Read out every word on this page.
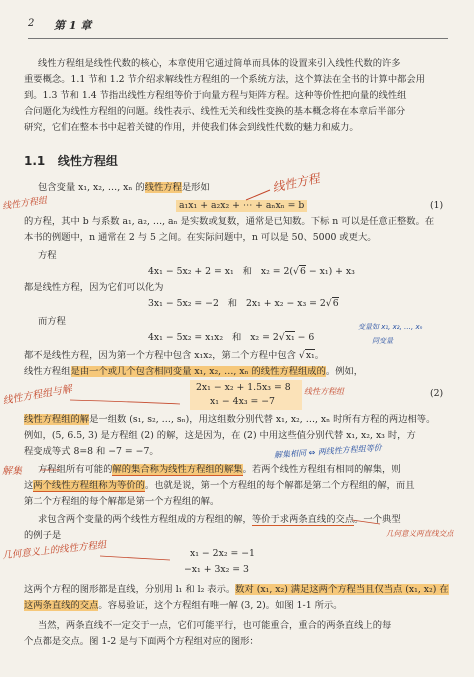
2 第 1 章
线性方程组是线性代数的核心，本章使用它通过简单而具体的设置来引入线性代数的许多
重要概念。1.1 节和 1.2 节介绍求解线性方程组的一个系统方法，这个算法在全书的计算中都会用
到。1.3 节和 1.4 节指出线性方程组等价于向量方程与矩阵方程。这种等价性把向量的线性组
合问题化为线性方程组的问题。线性表示、线性无关和线性变换的基本概念将在本章后半部分
研究，它们在整本书中起着关键的作用，并使我们体会到线性代数的魅力和威力。
1.1 线性方程组
包含变量 x₁, x₂, …, xₙ 的线性方程是形如
a₁x₁ + a₂x₂ + ⋯ + aₙxₙ = b	(1)
的方程，其中 b 与系数 a₁, a₂, …, aₙ 是实数或复数，通常是已知数。下标 n 可以是任意正整数。在
本书的例题中，n 通常在 2 与 5 之间。在实际问题中，n 可以是 50、5000 或更大。
方程
4x₁ − 5x₂ + 2 = x₁ 和 x₂ = 2(√6 − x₁) + x₃
都是线性方程，因为它们可以化为
3x₁ − 5x₂ = −2 和 2x₁ + x₂ − x₃ = 2√6
而方程
4x₁ − 5x₂ = x₁x₂ 和 x₂ = 2√x₁ − 6
都不是线性方程，因为第一个方程中包含 x₁x₂，第二个方程中包含 √x₁。
线性方程组是由一个或几个包含相同变量 x₁, x₂, …, xₙ 的线性方程组成的。例如，
2x₁ − x₂ + 1.5x₃ = 8
x₁ − 4x₃ = −7
(2)
线性方程组的解是一组数 (s₁, s₂, …, sₙ)，用这组数分别代替 x₁, x₂, …, xₙ 时所有方程的两边相等。
例如，(5, 6.5, 3) 是方程组 (2) 的解，这是因为，在 (2) 中用这些值分别代替 x₁, x₂, x₃ 时，方
程变成等式 8=8 和 −7 = −7。
方程组所有可能的解的集合称为线性方程组的解集。若两个线性方程组有相同的解集，则
这两个线性方程组称为等价的。也就是说，第一个方程组的每个解都是第二个方程组的解，而且
第二个方程组的每个解都是第一个方程组的解。
求包含两个变量的两个线性方程组成的方程组的解，等价于求两条直线的交点。一个典型
的例子是
x₁ − 2x₂ = −1
−x₁ + 3x₂ = 3
这两个方程的图形都是直线，分别用 l₁ 和 l₂ 表示。数对 (x₁, x₂) 满足这两个方程当且仅当点 (x₁, x₂) 在
这两条直线的交点。容易验证，这个方程组有唯一解 (3, 2)。如图 1-1 所示。
当然，两条直线不一定交于一点，它们可能平行，也可能重合，重合的两条直线上的每
个点都是交点。图 1-2 是与下面两个方程组对应的图形：
线性方程
线性方程组
变量如 x₁, x₂, …, xₙ
同变量
线性方程组与解	线性方程组
解集
解集相同 ⇔ 两线性方程组等价
几何意义两直线交点
几何意义上的线性方程组
